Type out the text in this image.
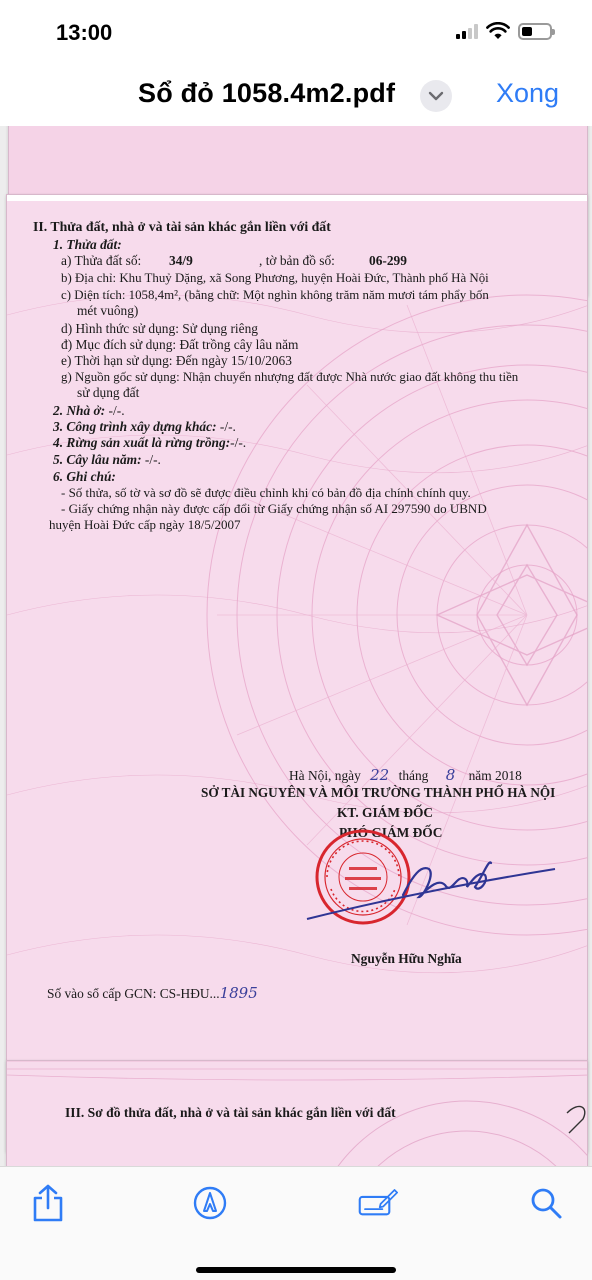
13:00
Sổ đỏ 1058.4m2.pdf	Xong
II. Thửa đất, nhà ở và tài sản khác gắn liền với đất
1. Thửa đất:
a) Thửa đất số: 34/9	, tờ bản đồ số:	06-299
b) Địa chỉ: Khu Thuỷ Dặng, xã Song Phương, huyện Hoài Đức, Thành phố Hà Nội
c) Diện tích: 1058,4m², (bằng chữ: Một nghìn không trăm năm mươi tám phẩy bốn
mét vuông)
d) Hình thức sử dụng: Sử dụng riêng
đ) Mục đích sử dụng: Đất trồng cây lâu năm
e) Thời hạn sử dụng: Đến ngày 15/10/2063
g) Nguồn gốc sử dụng: Nhận chuyển nhượng đất được Nhà nước giao đất không thu tiền
sử dụng đất
2. Nhà ở: -/-.
3. Công trình xây dựng khác: -/-.
4. Rừng sản xuất là rừng trồng:-/-.
5. Cây lâu năm: -/-.
6. Ghi chú:
- Số thửa, số tờ và sơ đồ sẽ được điều chỉnh khi có bản đồ địa chính chính quy.
- Giấy chứng nhận này được cấp đổi từ Giấy chứng nhận số AI 297590 do UBND
huyện Hoài Đức cấp ngày 18/5/2007
Hà Nội, ngày 22 tháng 8 năm 2018
SỞ TÀI NGUYÊN VÀ MÔI TRƯỜNG THÀNH PHỐ HÀ NỘI
KT. GIÁM ĐỐC
PHÓ GIÁM ĐỐC
Nguyễn Hữu Nghĩa
Số vào sổ cấp GCN: CS-HĐU...1895
III. Sơ đồ thửa đất, nhà ở và tài sản khác gắn liền với đất
